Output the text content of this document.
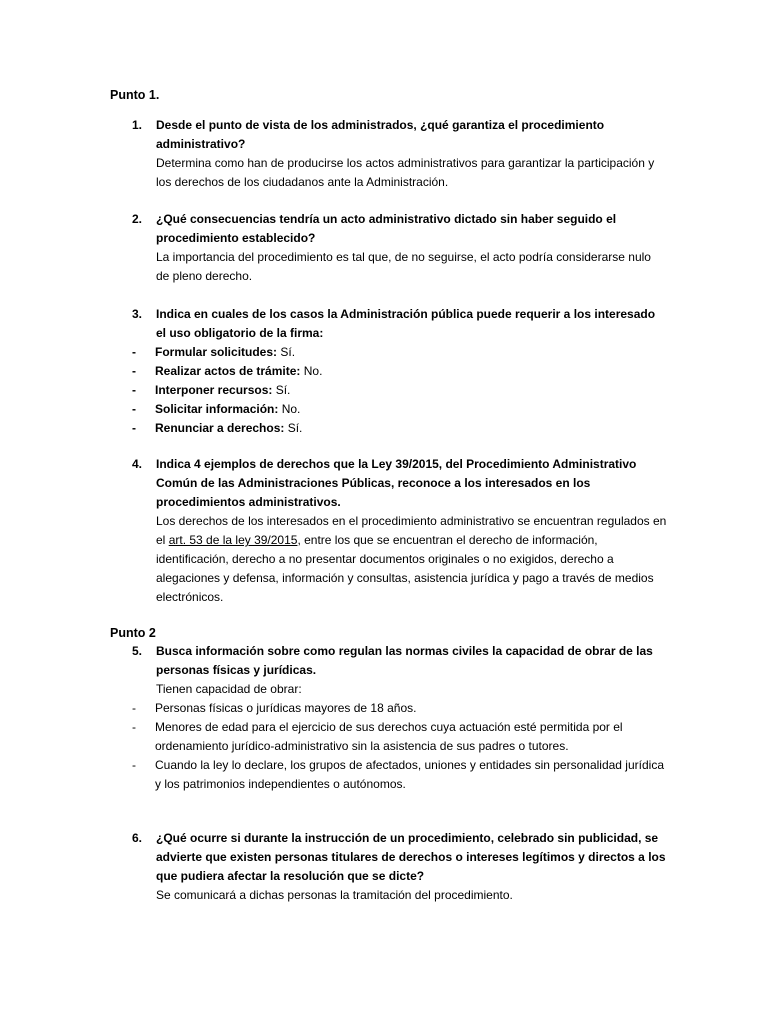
Punto 1.
1. Desde el punto de vista de los administrados, ¿qué garantiza el procedimiento administrativo?
Determina como han de producirse los actos administrativos para garantizar la participación y los derechos de los ciudadanos ante la Administración.
2. ¿Qué consecuencias tendría un acto administrativo dictado sin haber seguido el procedimiento establecido?
La importancia del procedimiento es tal que, de no seguirse, el acto podría considerarse nulo de pleno derecho.
3. Indica en cuales de los casos la Administración pública puede requerir a los interesado el uso obligatorio de la firma:
- Formular solicitudes: Sí.
- Realizar actos de trámite: No.
- Interponer recursos: Sí.
- Solicitar información: No.
- Renunciar a derechos: Sí.
4. Indica 4 ejemplos de derechos que la Ley 39/2015, del Procedimiento Administrativo Común de las Administraciones Públicas, reconoce a los interesados en los procedimientos administrativos.
Los derechos de los interesados en el procedimiento administrativo se encuentran regulados en el art. 53 de la ley 39/2015, entre los que se encuentran el derecho de información, identificación, derecho a no presentar documentos originales o no exigidos, derecho a alegaciones y defensa, información y consultas, asistencia jurídica y pago a través de medios electrónicos.
Punto 2
5. Busca información sobre como regulan las normas civiles la capacidad de obrar de las personas físicas y jurídicas.
Tienen capacidad de obrar:
- Personas físicas o jurídicas mayores de 18 años.
- Menores de edad para el ejercicio de sus derechos cuya actuación esté permitida por el ordenamiento jurídico-administrativo sin la asistencia de sus padres o tutores.
- Cuando la ley lo declare, los grupos de afectados, uniones y entidades sin personalidad jurídica y los patrimonios independientes o autónomos.
6. ¿Qué ocurre si durante la instrucción de un procedimiento, celebrado sin publicidad, se advierte que existen personas titulares de derechos o intereses legítimos y directos a los que pudiera afectar la resolución que se dicte?
Se comunicará a dichas personas la tramitación del procedimiento.
